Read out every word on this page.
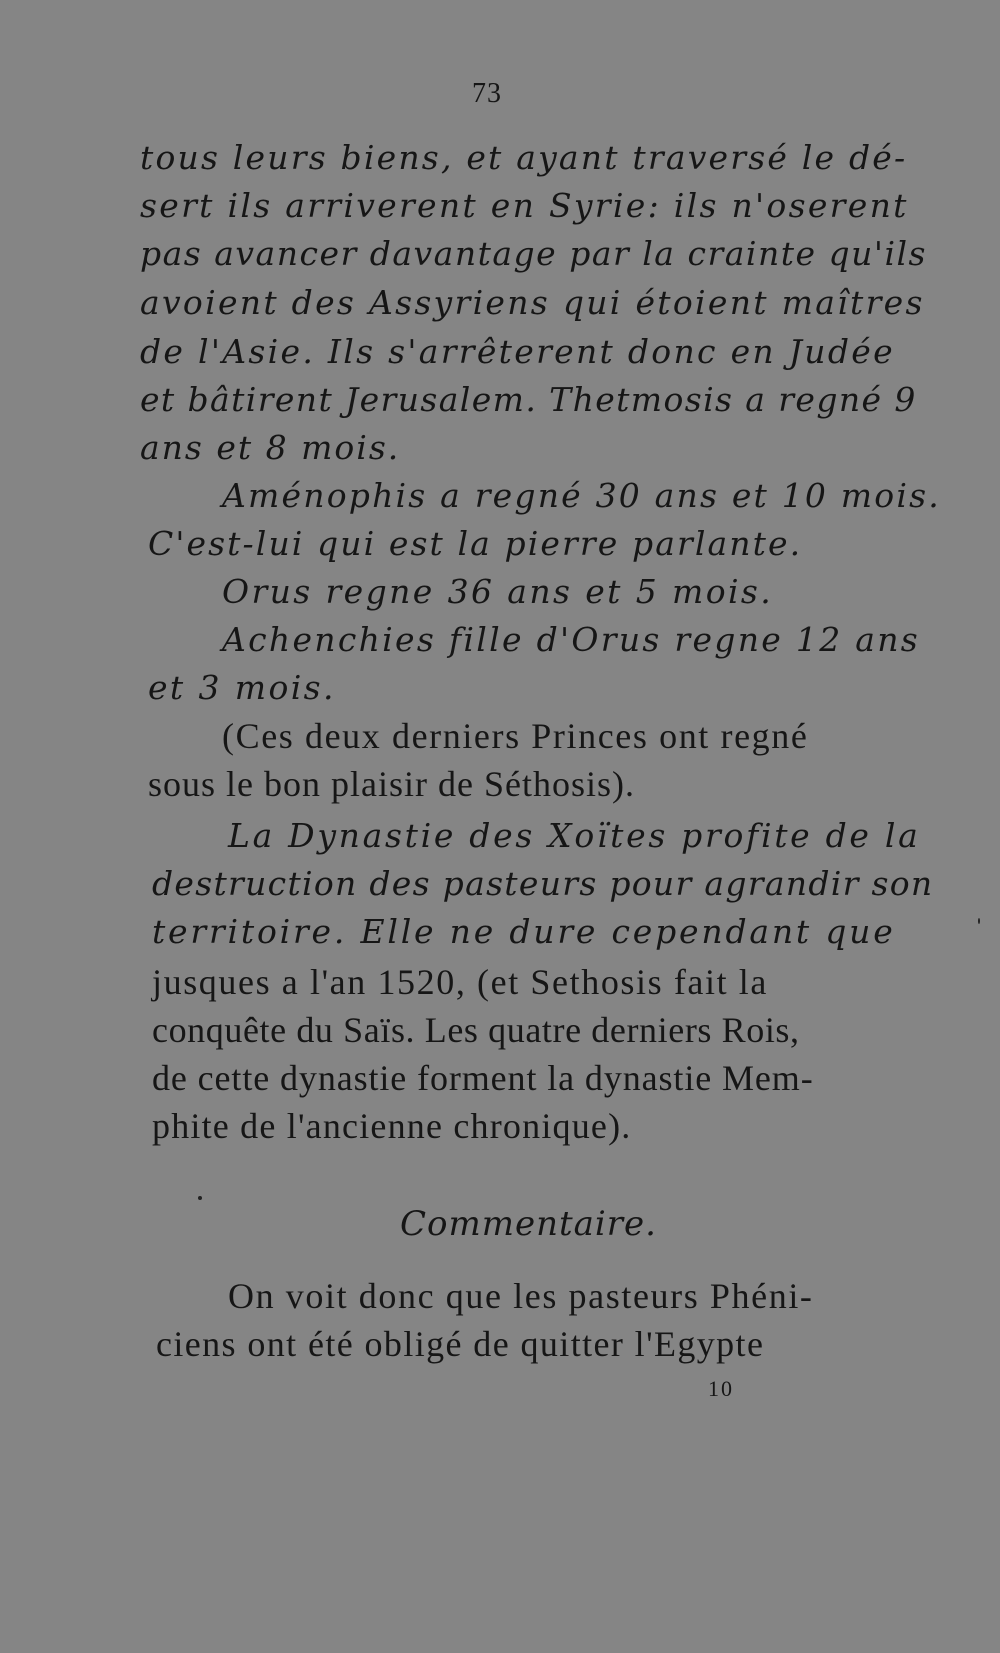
73
tous leurs biens, et ayant traversé le dé-
sert ils arriverent en Syrie: ils n'oserent
pas avancer davantage par la crainte qu'ils
avoient des Assyriens qui étoient maîtres
de l'Asie. Ils s'arrêterent donc en Judée
et bâtirent Jerusalem. Thetmosis a regné 9
ans et 8 mois.
Aménophis a regné 30 ans et 10 mois.
C'est-lui qui est la pierre parlante.
Orus regne 36 ans et 5 mois.
Achenchies fille d'Orus regne 12 ans
et 3 mois.
(Ces deux derniers Princes ont regné
sous le bon plaisir de Séthosis).
La Dynastie des Xoïtes profite de la
destruction des pasteurs pour agrandir son
territoire. Elle ne dure cependant que
jusques a l'an 1520, (et Sethosis fait la
conquête du Saïs. Les quatre derniers Rois,
de cette dynastie forment la dynastie Mem-
phite de l'ancienne chronique).
Commentaire.
On voit donc que les pasteurs Phéni-
ciens ont été obligé de quitter l'Egypte
10
